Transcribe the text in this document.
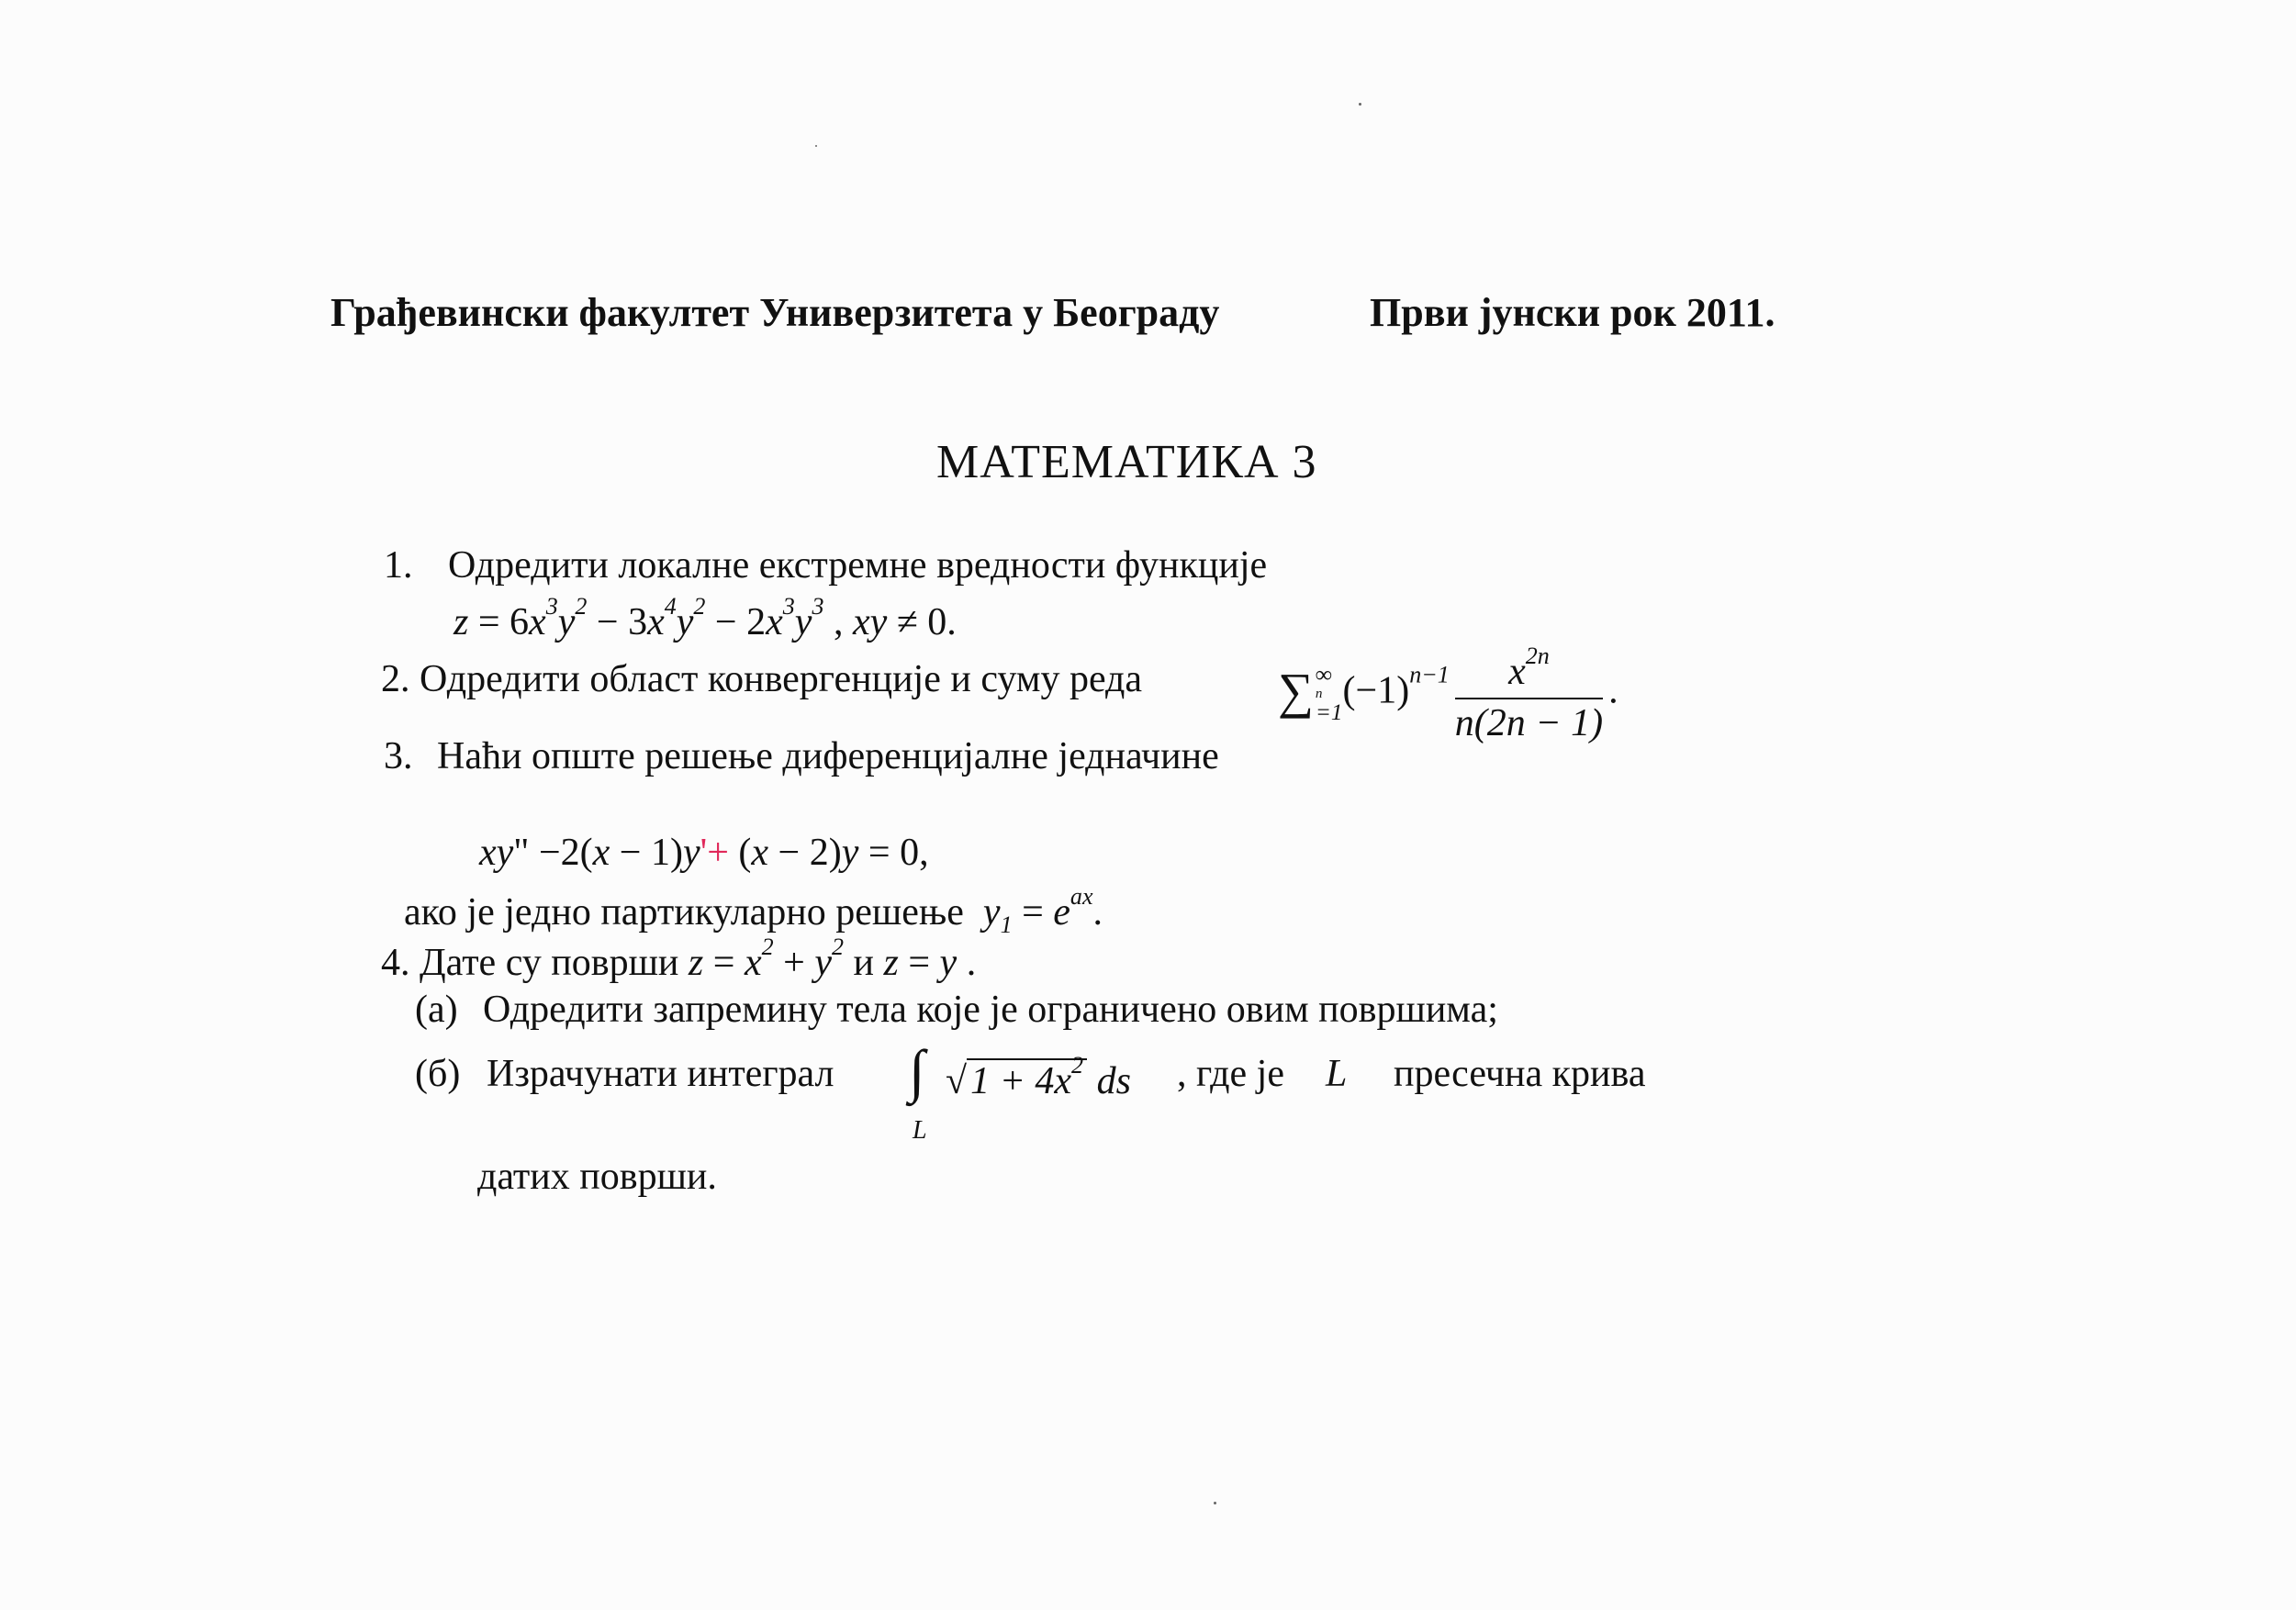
Грађевински факултет Универзитета у Београду	Први јунски рок 2011.
МАТЕМАТИКА 3
1. Одредити локалне екстремне вредности функције
$z = 6x^3y^2 - 3x^4y^2 - 2x^3y^3$ , xy ≠ 0.
2. Одредити област конвергенције и суму реда	∑ ∞
n
=1
$(-1)^{n-1} \frac{x^{2n}}{n(2n - 1)}$ .
3. Наћи опште решење диференцијалне једначине
xy" −2(x − 1)y'+ (x − 2)y = 0,
ако је једно партикуларно решење $y_1 = e^{ax}$.
4. Дате су површи $z = x^2 + y^2$ и z = y .
(а) Одредити запремину тела које је ограничено овим површима;
(б) Израчунати интеграл ∫
L
$√1 + 4x^2$ ds , где је L пресечна крива
датих површи.
